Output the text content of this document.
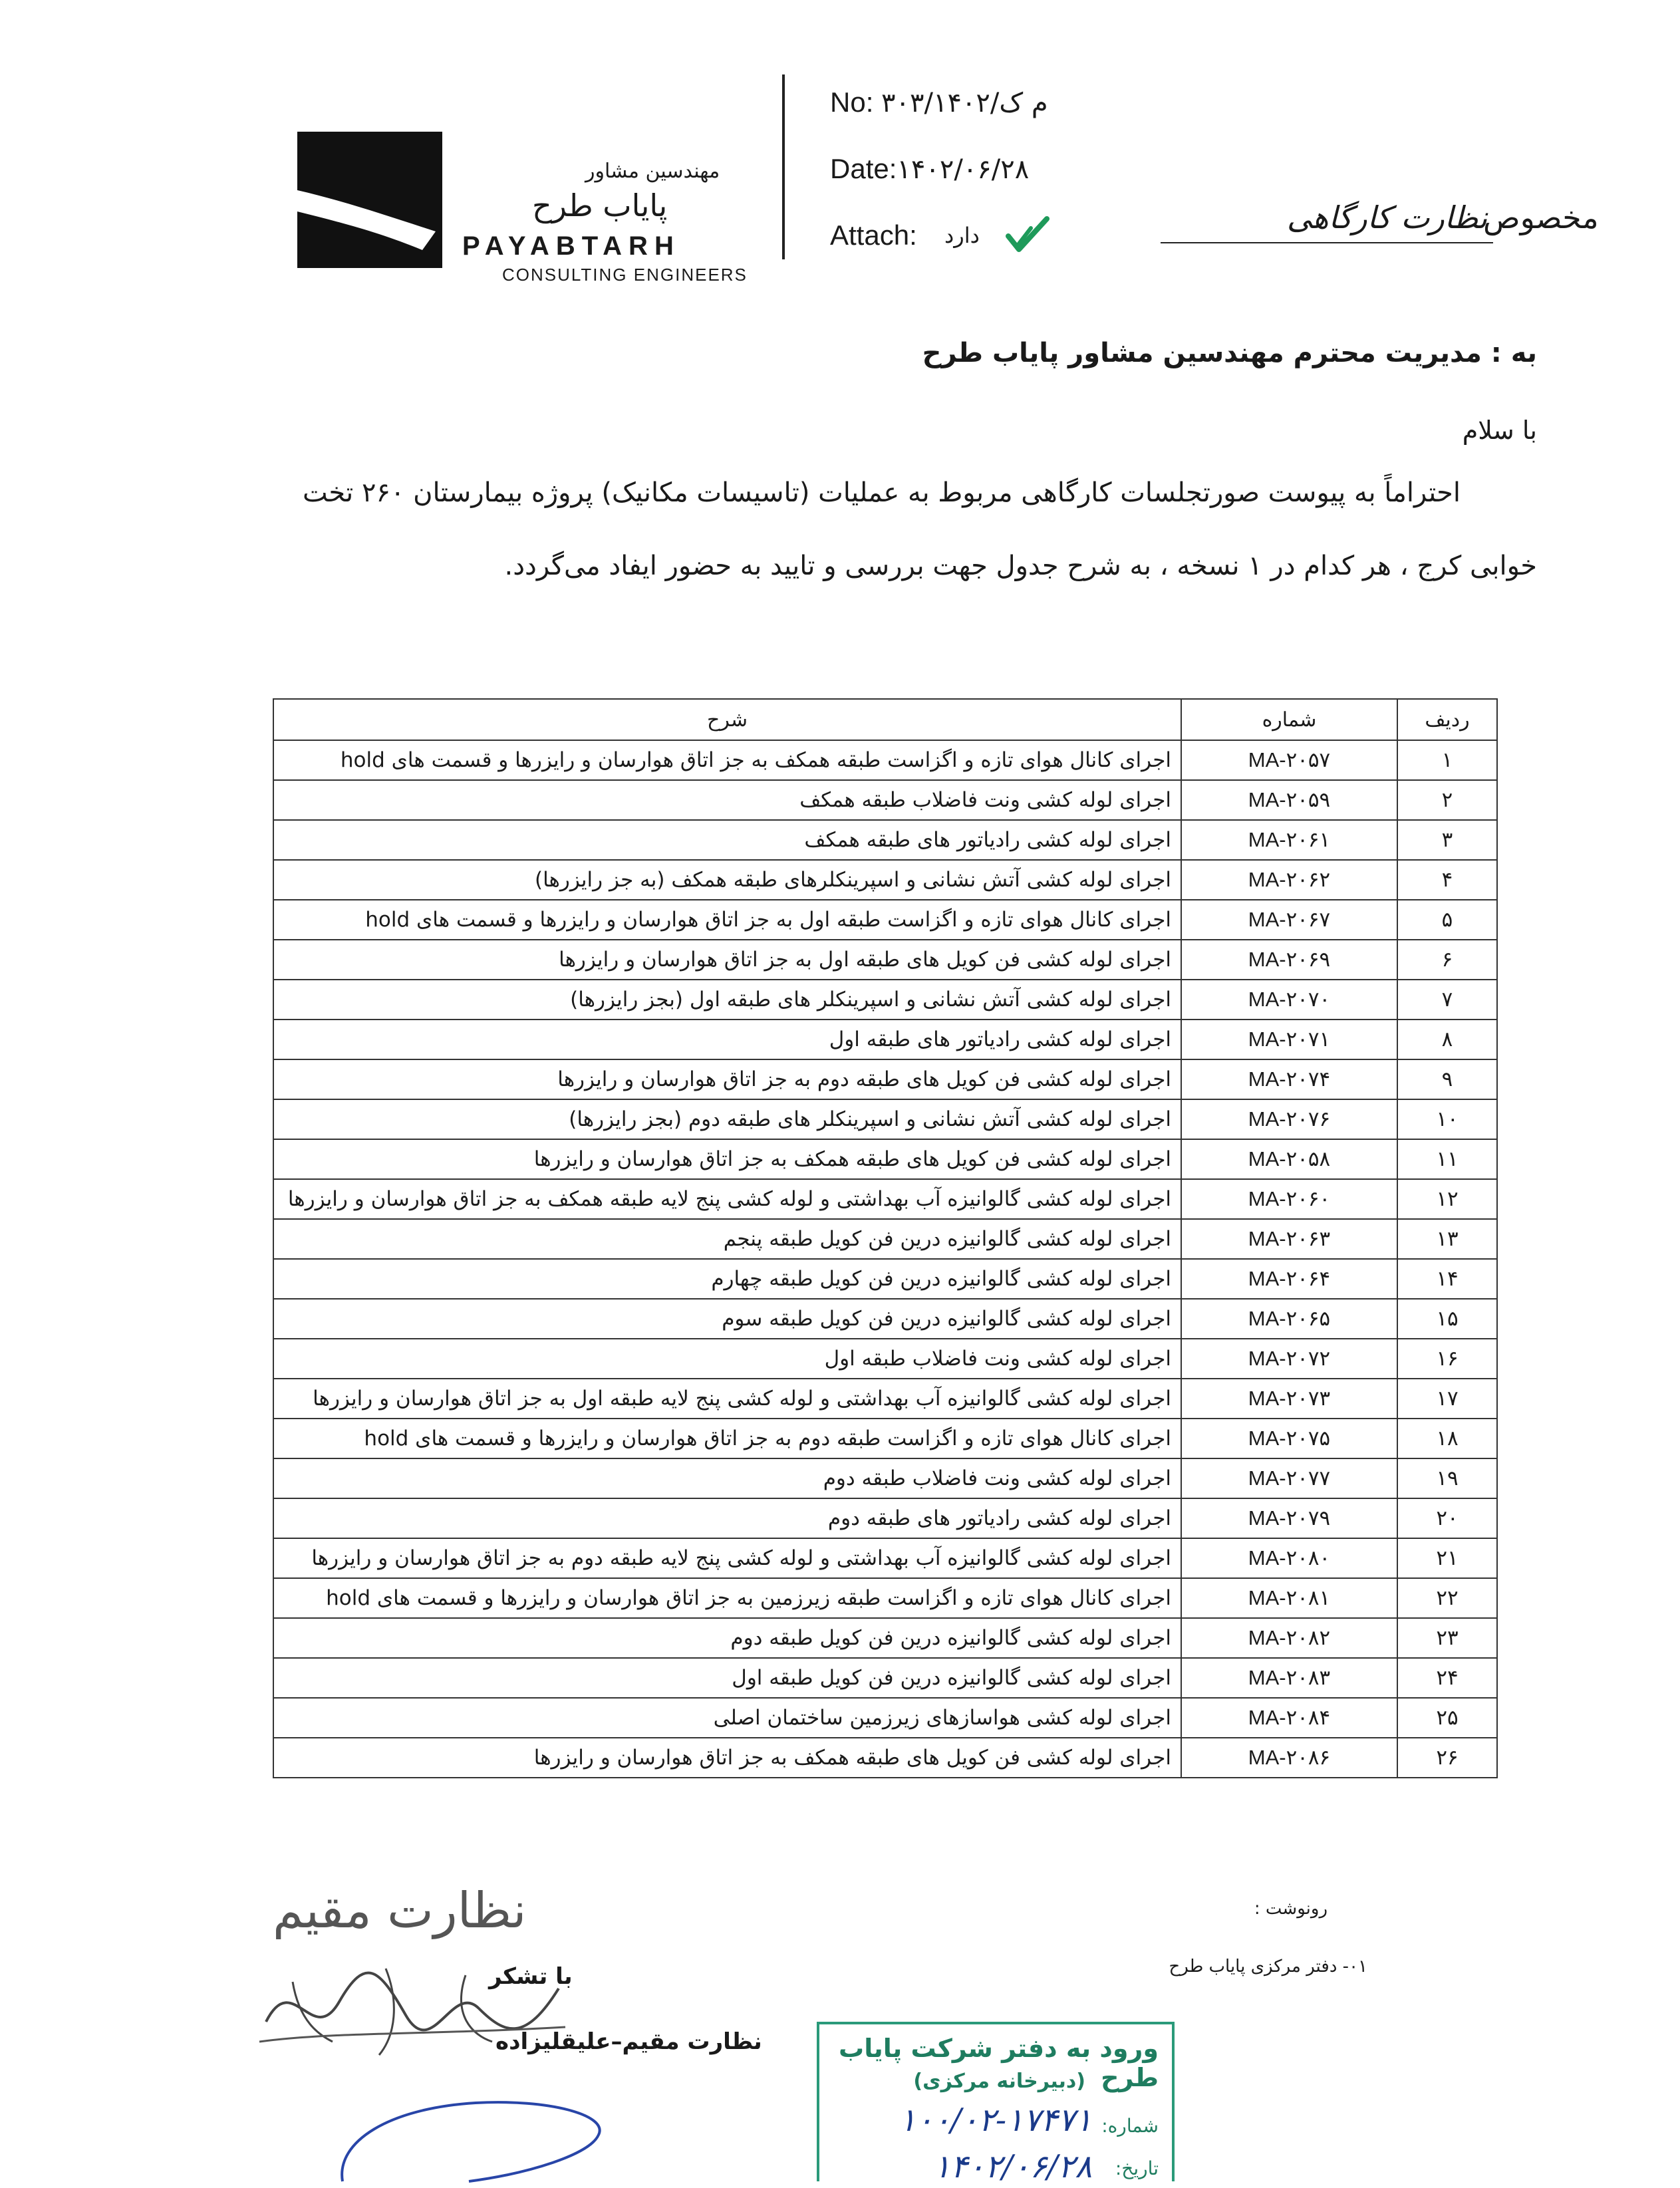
مهندسین مشاور
پایاب طرح
PAYABTARH
CONSULTING ENGINEERS
No: ۳۰۳/م ک/۱۴۰۲
Date:۱۴۰۲/۰۶/۲۸
Attach: دارد	مخصوص
نظارت کارگاهی
به : مدیریت محترم مهندسین مشاور پایاب طرح
با سلام
احتراماً به پیوست صورتجلسات کارگاهی مربوط به عملیات (تاسیسات مکانیک) پروژه بیمارستان ۲۶۰ تخت
خوابی کرج ، هر کدام در ۱ نسخه ، به شرح جدول جهت بررسی و تایید به حضور ایفاد می‌گردد.
ردیف	شماره	شرح
۱	MA-۲۰۵۷	اجرای کانال هوای تازه و اگزاست طبقه همکف به جز اتاق هوارسان و رایزرها و قسمت های hold
۲	MA-۲۰۵۹	اجرای لوله کشی ونت فاضلاب طبقه همکف
۳	MA-۲۰۶۱	اجرای لوله کشی رادیاتور های طبقه همکف
۴	MA-۲۰۶۲	اجرای لوله کشی آتش نشانی و اسپرینکلرهای طبقه همکف (به جز رایزرها)
۵	MA-۲۰۶۷	اجرای کانال هوای تازه و اگزاست طبقه اول به جز اتاق هوارسان و رایزرها و قسمت های hold
۶	MA-۲۰۶۹	اجرای لوله کشی فن کویل های طبقه اول به جز اتاق هوارسان و رایزرها
۷	MA-۲۰۷۰	اجرای لوله کشی آتش نشانی و اسپرینکلر های طبقه اول (بجز رایزرها)
۸	MA-۲۰۷۱	اجرای لوله کشی رادیاتور های طبقه اول
۹	MA-۲۰۷۴	اجرای لوله کشی فن کویل های طبقه دوم به جز اتاق هوارسان و رایزرها
۱۰	MA-۲۰۷۶	اجرای لوله کشی آتش نشانی و اسپرینکلر های طبقه دوم (بجز رایزرها)
۱۱	MA-۲۰۵۸	اجرای لوله کشی فن کویل های طبقه همکف به جز اتاق هوارسان و رایزرها
۱۲	MA-۲۰۶۰	اجرای لوله کشی گالوانیزه آب بهداشتی و لوله کشی پنج لایه طبقه همکف به جز اتاق هوارسان و رایزرها
۱۳	MA-۲۰۶۳	اجرای لوله کشی گالوانیزه درین فن کویل طبقه پنجم
۱۴	MA-۲۰۶۴	اجرای لوله کشی گالوانیزه درین فن کویل طبقه چهارم
۱۵	MA-۲۰۶۵	اجرای لوله کشی گالوانیزه درین فن کویل طبقه سوم
۱۶	MA-۲۰۷۲	اجرای لوله کشی ونت فاضلاب طبقه اول
۱۷	MA-۲۰۷۳	اجرای لوله کشی گالوانیزه آب بهداشتی و لوله کشی پنج لایه طبقه اول به جز اتاق هوارسان و رایزرها
۱۸	MA-۲۰۷۵	اجرای کانال هوای تازه و اگزاست طبقه دوم به جز اتاق هوارسان و رایزرها و قسمت های hold
۱۹	MA-۲۰۷۷	اجرای لوله کشی ونت فاضلاب طبقه دوم
۲۰	MA-۲۰۷۹	اجرای لوله کشی رادیاتور های طبقه دوم
۲۱	MA-۲۰۸۰	اجرای لوله کشی گالوانیزه آب بهداشتی و لوله کشی پنج لایه طبقه دوم به جز اتاق هوارسان و رایزرها
۲۲	MA-۲۰۸۱	اجرای کانال هوای تازه و اگزاست طبقه زیرزمین به جز اتاق هوارسان و رایزرها و قسمت های hold
۲۳	MA-۲۰۸۲	اجرای لوله کشی گالوانیزه درین فن کویل طبقه دوم
۲۴	MA-۲۰۸۳	اجرای لوله کشی گالوانیزه درین فن کویل طبقه اول
۲۵	MA-۲۰۸۴	اجرای لوله کشی هواسازهای زیرزمین ساختمان اصلی
۲۶	MA-۲۰۸۶	اجرای لوله کشی فن کویل های طبقه همکف به جز اتاق هوارسان و رایزرها
رونوشت :
۰۱- دفتر مرکزی پایاب طرح
نظارت مقیم
با تشکر
نظارت مقیم–علیقلیزاده	ورود به دفتر شرکت پایاب طرح
(دبیرخانه مرکزی)
شماره:
۱۰۰/۰۲-۱۷۴۷۱
تاریخ:
۱۴۰۲/۰۶/۲۸
